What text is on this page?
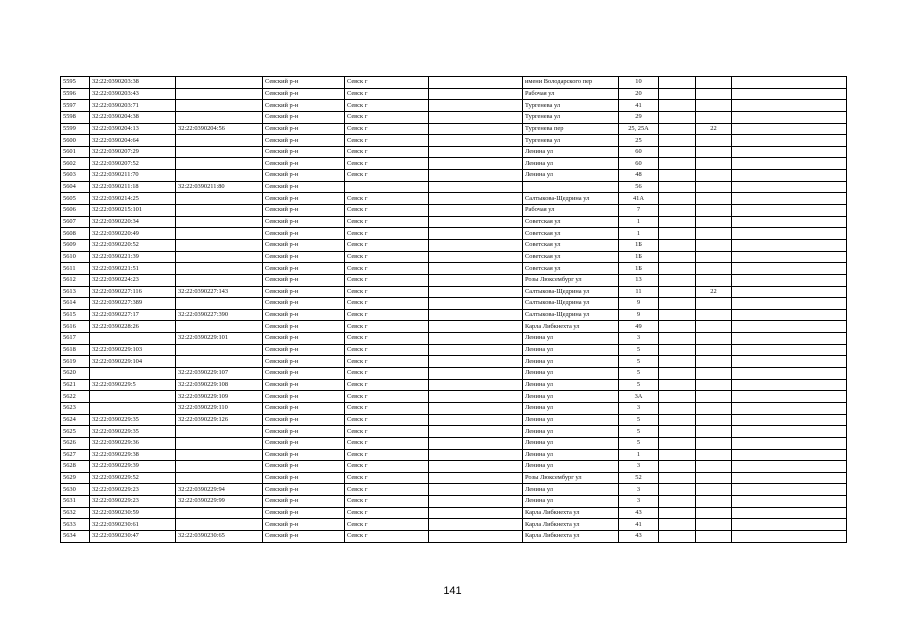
5595	32:22:0390203:38		Севский р-н	Севск г		имени Володарского пер	10			
5596	32:22:0390203:43		Севский р-н	Севск г		Рабочая ул	20			
5597	32:22:0390203:71		Севский р-н	Севск г		Тургенева ул	41			
5598	32:22:0390204:38		Севский р-н	Севск г		Тургенева ул	29			
5599	32:22:0390204:13	32:22:0390204:56	Севский р-н	Севск г		Тургенева пер	25, 25А		22	
5600	32:22:0390204:64		Севский р-н	Севск г		Тургенева ул	25			
5601	32:22:0390207:29		Севский р-н	Севск г		Ленина ул	60			
5602	32:22:0390207:52		Севский р-н	Севск г		Ленина ул	60			
5603	32:22:0390211:70		Севский р-н	Севск г		Ленина ул	48			
5604	32:22:0390211:18	32:22:0390211:80	Севский р-н				56			
5605	32:22:0390214:25		Севский р-н	Севск г		Салтыкова-Щедрина ул	41А			
5606	32:22:0390215:101		Севский р-н	Севск г		Рабочая ул	7			
5607	32:22:0390220:34		Севский р-н	Севск г		Советская ул	1			
5608	32:22:0390220:49		Севский р-н	Севск г		Советская ул	1			
5609	32:22:0390220:52		Севский р-н	Севск г		Советская ул	1Б			
5610	32:22:0390221:39		Севский р-н	Севск г		Советская ул	1Б			
5611	32:22:0390221:51		Севский р-н	Севск г		Советская ул	1Б			
5612	32:22:0390224:23		Севский р-н	Севск г		Розы Люксембург ул	13			
5613	32:22:0390227:116	32:22:0390227:143	Севский р-н	Севск г		Салтыкова-Щедрина ул	11		22	
5614	32:22:0390227:389		Севский р-н	Севск г		Салтыкова-Щедрина ул	9			
5615	32:22:0390227:17	32:22:0390227:390	Севский р-н	Севск г		Салтыкова-Щедрина ул	9			
5616	32:22:0390228:26		Севский р-н	Севск г		Карла Либкнехта ул	49			
5617		32:22:0390229:101	Севский р-н	Севск г		Ленина ул	3			
5618	32:22:0390229:103		Севский р-н	Севск г		Ленина ул	5			
5619	32:22:0390229:104		Севский р-н	Севск г		Ленина ул	5			
5620		32:22:0390229:107	Севский р-н	Севск г		Ленина ул	5			
5621	32:22:0390229:5	32:22:0390229:108	Севский р-н	Севск г		Ленина ул	5			
5622		32:22:0390229:109	Севский р-н	Севск г		Ленина ул	3А			
5623		32:22:0390229:110	Севский р-н	Севск г		Ленина ул	3			
5624	32:22:0390229:35	32:22:0390229:126	Севский р-н	Севск г		Ленина ул	5			
5625	32:22:0390229:35		Севский р-н	Севск г		Ленина ул	5			
5626	32:22:0390229:36		Севский р-н	Севск г		Ленина ул	5			
5627	32:22:0390229:38		Севский р-н	Севск г		Ленина ул	1			
5628	32:22:0390229:39		Севский р-н	Севск г		Ленина ул	3			
5629	32:22:0390229:52		Севский р-н	Севск г		Розы Люксембург ул	52			
5630	32:22:0390229:23	32:22:0390229:94	Севский р-н	Севск г		Ленина ул	3			
5631	32:22:0390229:23	32:22:0390229:99	Севский р-н	Севск г		Ленина ул	3			
5632	32:22:0390230:59		Севский р-н	Севск г		Карла Либкнехта ул	43			
5633	32:22:0390230:61		Севский р-н	Севск г		Карла Либкнехта ул	41			
5634	32:22:0390230:47	32:22:0390230:65	Севский р-н	Севск г		Карла Либкнехта ул	43			
141
